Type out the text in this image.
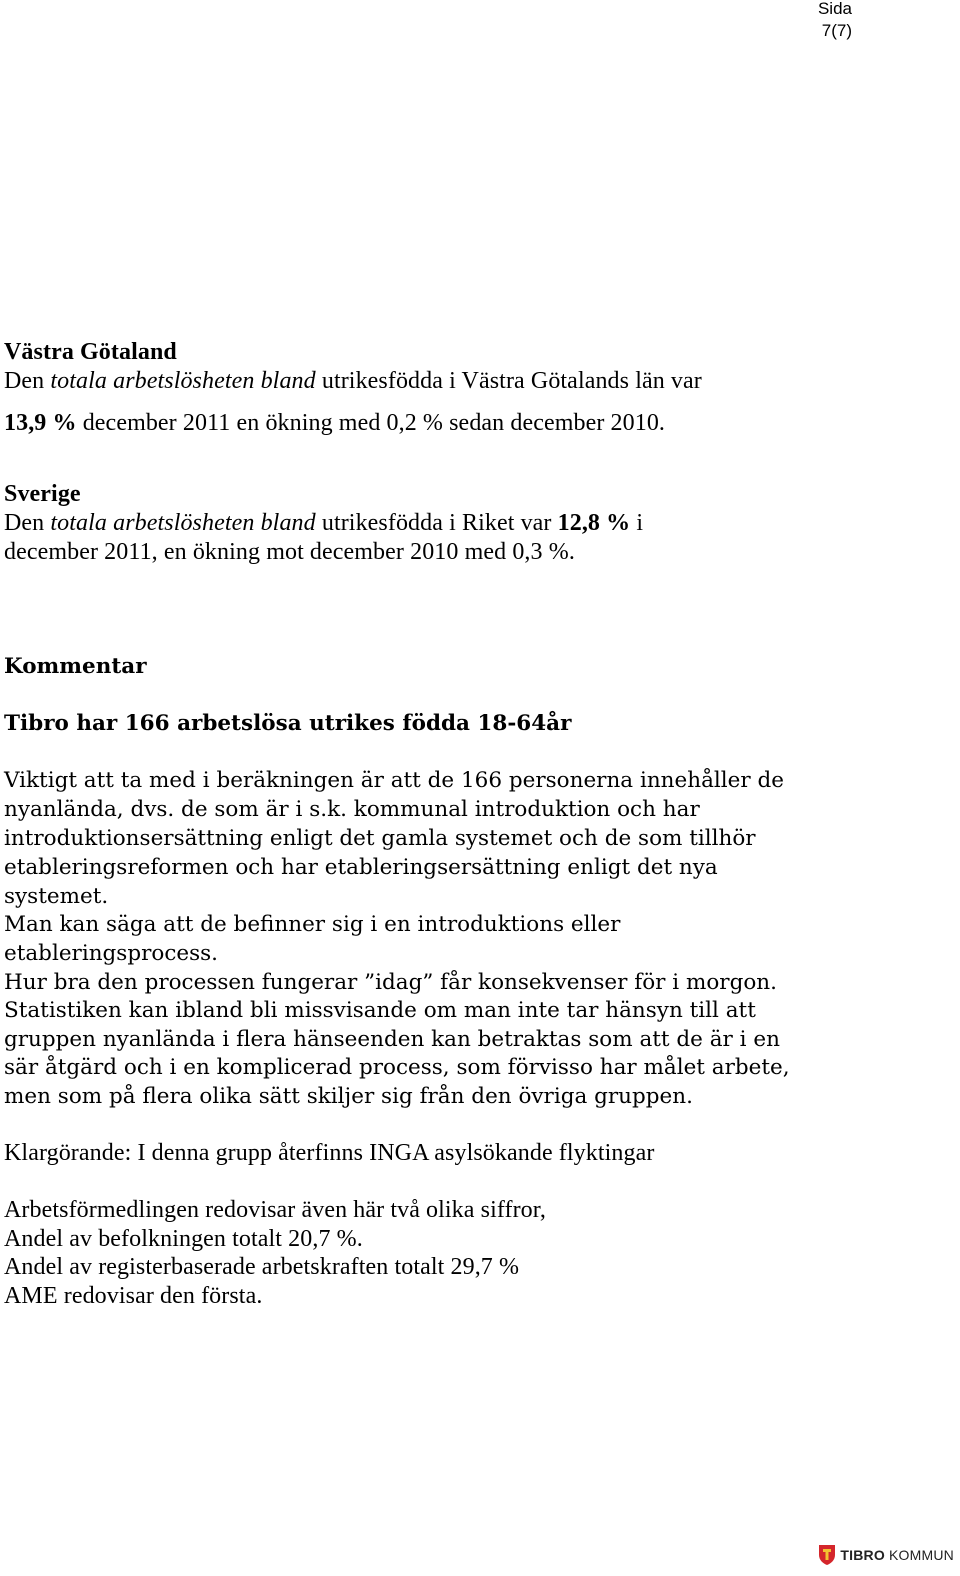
Sida
7(7)
Västra Götaland
Den totala arbetslösheten bland utrikesfödda i Västra Götalands län var
13,9 % december 2011 en ökning med 0,2 % sedan december 2010.
Sverige
Den totala arbetslösheten bland utrikesfödda i Riket var 12,8 % i
december 2011, en ökning mot december 2010 med 0,3 %.
Kommentar
Tibro har 166 arbetslösa utrikes födda 18-64år
Viktigt att ta med i beräkningen är att de 166 personerna innehåller de
nyanlända, dvs. de som är i s.k. kommunal introduktion och har
introduktionsersättning enligt det gamla systemet och de som tillhör
etableringsreformen och har etableringsersättning enligt det nya
systemet.
Man kan säga att de befinner sig i en introduktions eller
etableringsprocess.
Hur bra den processen fungerar ”idag” får konsekvenser för i morgon.
Statistiken kan ibland bli missvisande om man inte tar hänsyn till att
gruppen nyanlända i flera hänseenden kan betraktas som att de är i en
sär åtgärd och i en komplicerad process, som förvisso har målet arbete,
men som på flera olika sätt skiljer sig från den övriga gruppen.
Klargörande: I denna grupp återfinns INGA asylsökande flyktingar
Arbetsförmedlingen redovisar även här två olika siffror,
Andel av befolkningen totalt 20,7 %.
Andel av registerbaserade arbetskraften totalt 29,7 %
AME redovisar den första.
TIBRO KOMMUN
